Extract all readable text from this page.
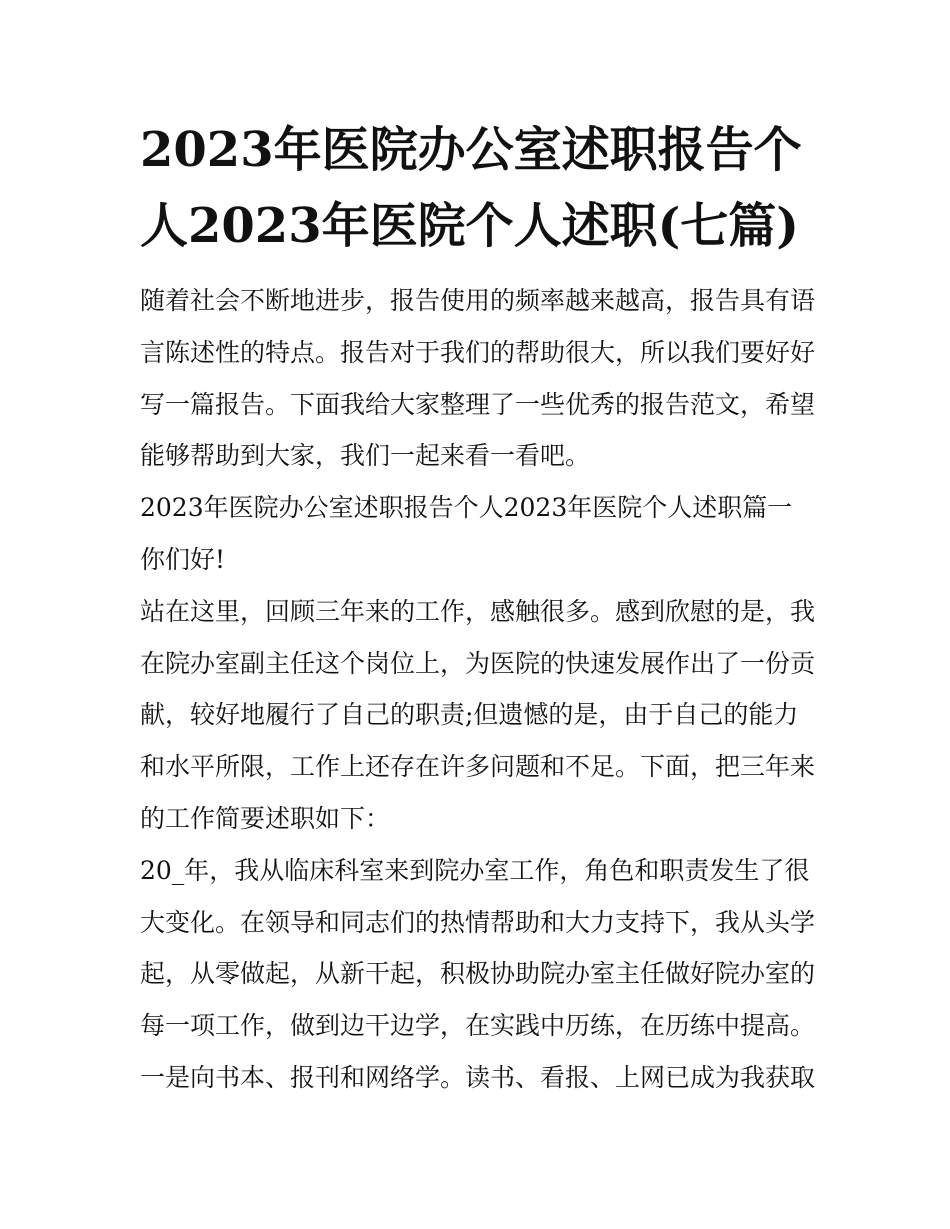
2023年医院办公室述职报告个人2023年医院个人述职(七篇)

随着社会不断地进步，报告使用的频率越来越高，报告具有语言陈述性的特点。报告对于我们的帮助很大，所以我们要好好写一篇报告。下面我给大家整理了一些优秀的报告范文，希望能够帮助到大家，我们一起来看一看吧。

2023年医院办公室述职报告个人2023年医院个人述职篇一 你们好!

站在这里，回顾三年来的工作，感触很多。感到欣慰的是，我在院办室副主任这个岗位上，为医院的快速发展作出了一份贡献，较好地履行了自己的职责;但遗憾的是，由于自己的能力和水平所限，工作上还存在许多问题和不足。下面，把三年来的工作简要述职如下：

20_年，我从临床科室来到院办室工作，角色和职责发生了很大变化。在领导和同志们的热情帮助和大力支持下，我从头学起，从零做起，从新干起，积极协助院办室主任做好院办室的每一项工作，做到边干边学，在实践中历练，在历练中提高。一是向书本、报刊和网络学。读书、看报、上网已成为我获取
